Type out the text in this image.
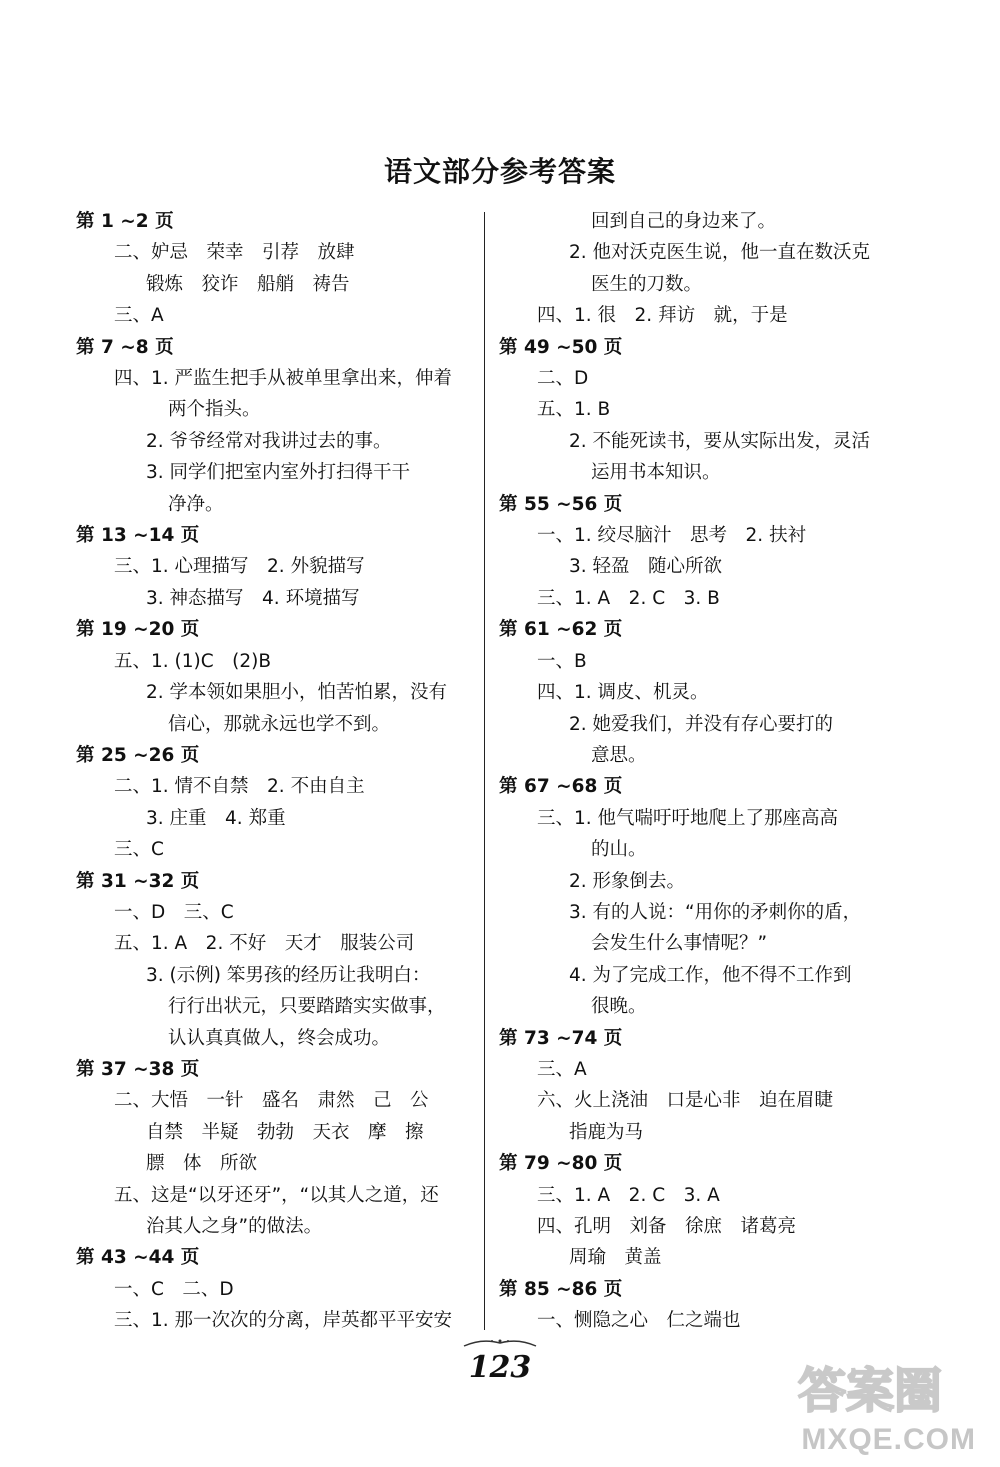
语文部分参考答案
第 1 ~2 页
二、妒忌　荣幸　引荐　放肆
锻炼　狡诈　船艄　祷告
三、A
第 7 ~8 页
四、1. 严监生把手从被单里拿出来，伸着
两个指头。
2. 爷爷经常对我讲过去的事。
3. 同学们把室内室外打扫得干干
净净。
第 13 ~14 页
三、1. 心理描写　2. 外貌描写
3. 神态描写　4. 环境描写
第 19 ~20 页
五、1. (1)C　(2)B
2. 学本领如果胆小，怕苦怕累，没有
信心，那就永远也学不到。
第 25 ~26 页
二、1. 情不自禁　2. 不由自主
3. 庄重　4. 郑重
三、C
第 31 ~32 页
一、D　三、C
五、1. A　2. 不好　天才　服装公司
3. (示例) 笨男孩的经历让我明白：
行行出状元，只要踏踏实实做事，
认认真真做人，终会成功。
第 37 ~38 页
二、大悟　一针　盛名　肃然　己　公
自禁　半疑　勃勃　天衣　摩　擦
膘　体　所欲
五、这是“以牙还牙”，“以其人之道，还
治其人之身”的做法。
第 43 ~44 页
一、C　二、D
三、1. 那一次次的分离，岸英都平平安安
回到自己的身边来了。
2. 他对沃克医生说，他一直在数沃克
医生的刀数。
四、1. 很　2. 拜访　就，于是
第 49 ~50 页
二、D
五、1. B
2. 不能死读书，要从实际出发，灵活
运用书本知识。
第 55 ~56 页
一、1. 绞尽脑汁　思考　2. 扶衬
3. 轻盈　随心所欲
三、1. A　2. C　3. B
第 61 ~62 页
一、B
四、1. 调皮、机灵。
2. 她爱我们，并没有存心要打的
意思。
第 67 ~68 页
三、1. 他气喘吁吁地爬上了那座高高
的山。
2. 形象倒去。
3. 有的人说：“用你的矛刺你的盾，
会发生什么事情呢？”
4. 为了完成工作，他不得不工作到
很晚。
第 73 ~74 页
三、A
六、火上浇油　口是心非　迫在眉睫
指鹿为马
第 79 ~80 页
三、1. A　2. C　3. A
四、孔明　刘备　徐庶　诸葛亮
周瑜　黄盖
第 85 ~86 页
一、恻隐之心　仁之端也
123	答案圈
MXQE.COM
